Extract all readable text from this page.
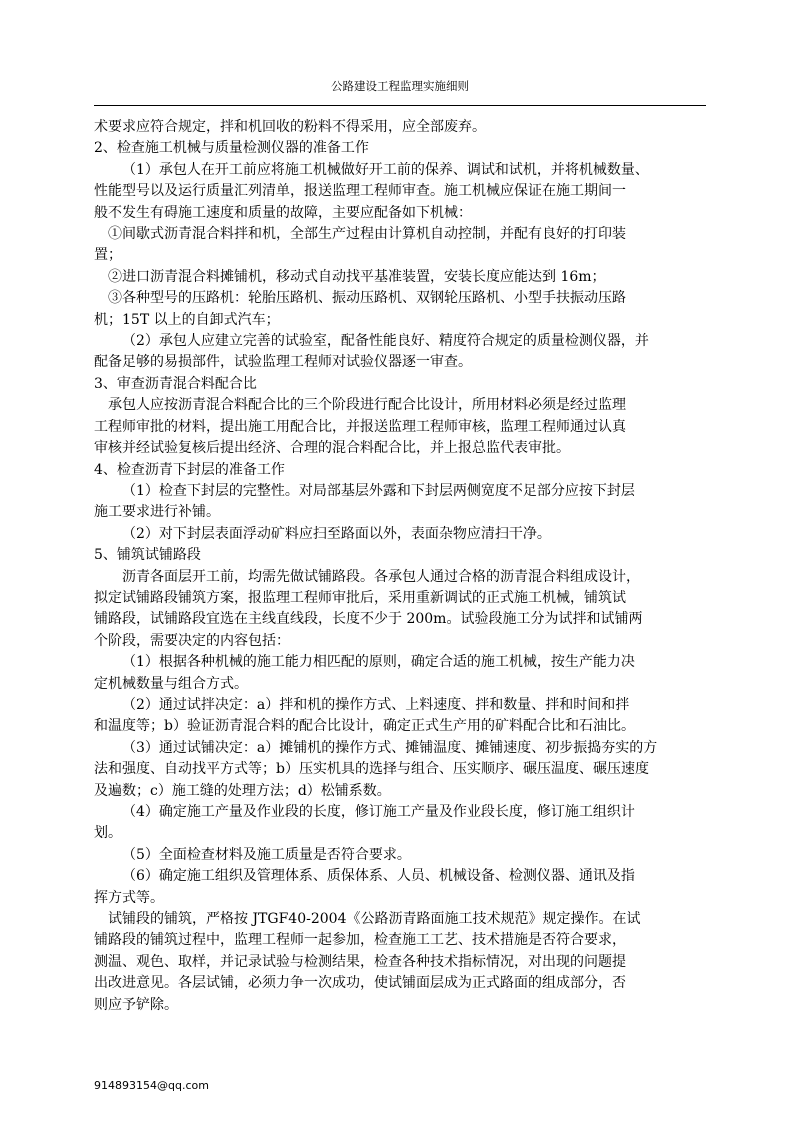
公路建设工程监理实施细则

术要求应符合规定，拌和机回收的粉料不得采用，应全部废弃。

2、检查施工机械与质量检测仪器的准备工作

（1）承包人在开工前应将施工机械做好开工前的保养、调试和试机，并将机械数量、

性能型号以及运行质量汇列清单，报送监理工程师审查。施工机械应保证在施工期间一

般不发生有碍施工速度和质量的故障，主要应配备如下机械：

①间歇式沥青混合料拌和机，全部生产过程由计算机自动控制，并配有良好的打印装

置；

②进口沥青混合料摊铺机，移动式自动找平基准装置，安装长度应能达到 16m；

③各种型号的压路机：轮胎压路机、振动压路机、双钢轮压路机、小型手扶振动压路

机；15T 以上的自卸式汽车；

（2）承包人应建立完善的试验室，配备性能良好、精度符合规定的质量检测仪器，并

配备足够的易损部件，试验监理工程师对试验仪器逐一审查。

3、审查沥青混合料配合比

承包人应按沥青混合料配合比的三个阶段进行配合比设计，所用材料必须是经过监理

工程师审批的材料，提出施工用配合比，并报送监理工程师审核，监理工程师通过认真

审核并经试验复核后提出经济、合理的混合料配合比，并上报总监代表审批。

4、检查沥青下封层的准备工作

（1）检查下封层的完整性。对局部基层外露和下封层两侧宽度不足部分应按下封层

施工要求进行补铺。

（2）对下封层表面浮动矿料应扫至路面以外，表面杂物应清扫干净。

5、铺筑试铺路段

沥青各面层开工前，均需先做试铺路段。各承包人通过合格的沥青混合料组成设计，

拟定试铺路段铺筑方案，报监理工程师审批后，采用重新调试的正式施工机械，铺筑试

铺路段，试铺路段宜选在主线直线段，长度不少于 200m。试验段施工分为试拌和试铺两

个阶段，需要决定的内容包括：

（1）根据各种机械的施工能力相匹配的原则，确定合适的施工机械，按生产能力决

定机械数量与组合方式。

（2）通过试拌决定：a）拌和机的操作方式、上料速度、拌和数量、拌和时间和拌

和温度等；b）验证沥青混合料的配合比设计，确定正式生产用的矿料配合比和石油比。

（3）通过试铺决定：a）摊铺机的操作方式、摊铺温度、摊铺速度、初步振捣夯实的方

法和强度、自动找平方式等；b）压实机具的选择与组合、压实顺序、碾压温度、碾压速度

及遍数；c）施工缝的处理方法；d）松铺系数。

（4）确定施工产量及作业段的长度，修订施工产量及作业段长度，修订施工组织计

划。

（5）全面检查材料及施工质量是否符合要求。

（6）确定施工组织及管理体系、质保体系、人员、机械设备、检测仪器、通讯及指

挥方式等。

试铺段的铺筑，严格按 JTGF40-2004《公路沥青路面施工技术规范》规定操作。在试

铺路段的铺筑过程中，监理工程师一起参加，检查施工工艺、技术措施是否符合要求，

测温、观色、取样，并记录试验与检测结果，检查各种技术指标情况，对出现的问题提

出改进意见。各层试铺，必须力争一次成功，使试铺面层成为正式路面的组成部分，否

则应予铲除。

914893154@qq.com
